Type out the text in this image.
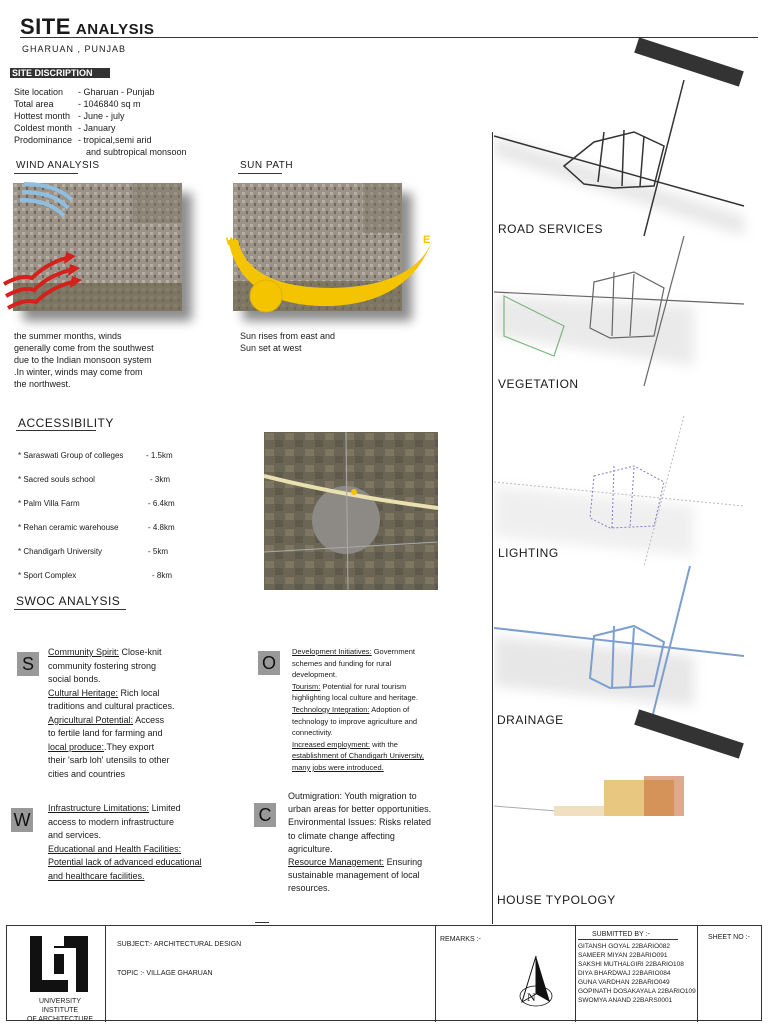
SITE ANALYSIS
GHARUAN , PUNJAB
SITE DISCRIPTION
Site location - Gharuan - Punjab
Total area	- 1046840 sq m
Hottest month - June - july
Coldest month - January
Prodominance - tropical,semi arid
and subtropical monsoon
WIND ANALYSIS
the summer months, winds
generally come from the southwest
due to the Indian monsoon system
.In winter, winds may come from
the northwest.
SUN PATH
W	E
Sun rises from east and
Sun set at west
ACCESSIBILITY
* Saraswati Group of colleges	- 1.5km
* Sacred souls school	- 3km
* Palm Villa Farm	- 6.4km
* Rehan ceramic warehouse	- 4.8km
* Chandigarh University	- 5km
* Sport Complex	- 8km
SWOC ANALYSIS
S
Community Spirit: Close-knit
community fostering strong
social bonds.
Cultural Heritage: Rich local
traditions and cultural practices.
Agricultural Potential: Access
to fertile land for farming and
local produce:.They export
their 'sarb loh' utensils to other
cities and countries
O
Development Initiatives: Government
schemes and funding for rural
development.
Tourism: Potential for rural tourism
highlighting local culture and heritage.
Technology Integration: Adoption of
technology to improve agriculture and
connectivity.
Increased employment: with the
establishment of Chandigarh University,
many jobs were introduced.
W
Infrastructure Limitations: Limited
access to modern infrastructure
and services.
Educational and Health Facilities:
Potential lack of advanced educational
and healthcare facilities.
C
Outmigration: Youth migration to
urban areas for better opportunities.
Environmental Issues: Risks related
to climate change affecting
agriculture.
Resource Management: Ensuring
sustainable management of local
resources.
ROAD SERVICES
VEGETATION
LIGHTING
DRAINAGE
HOUSE TYPOLOGY
UNIVERSITY INSTITUTE
OF ARCHITECTURE
SUBJECT:- ARCHITECTURAL DESIGN
TOPIC :- VILLAGE GHARUAN
REMARKS :-
N
SUBMITTED BY :-
GITANSH GOYAL 22BARIO082
SAMEER MIYAN 22BARIO091
SAKSHI MUTHALGIRI 22BARIO108
DIYA BHARDWAJ 22BARIO084
GUNA VARDHAN 22BARIO049
GOPINATH DOSAKAYALA 22BARIO109
SWOMYA ANAND 22BARS0001
SHEET NO :-
